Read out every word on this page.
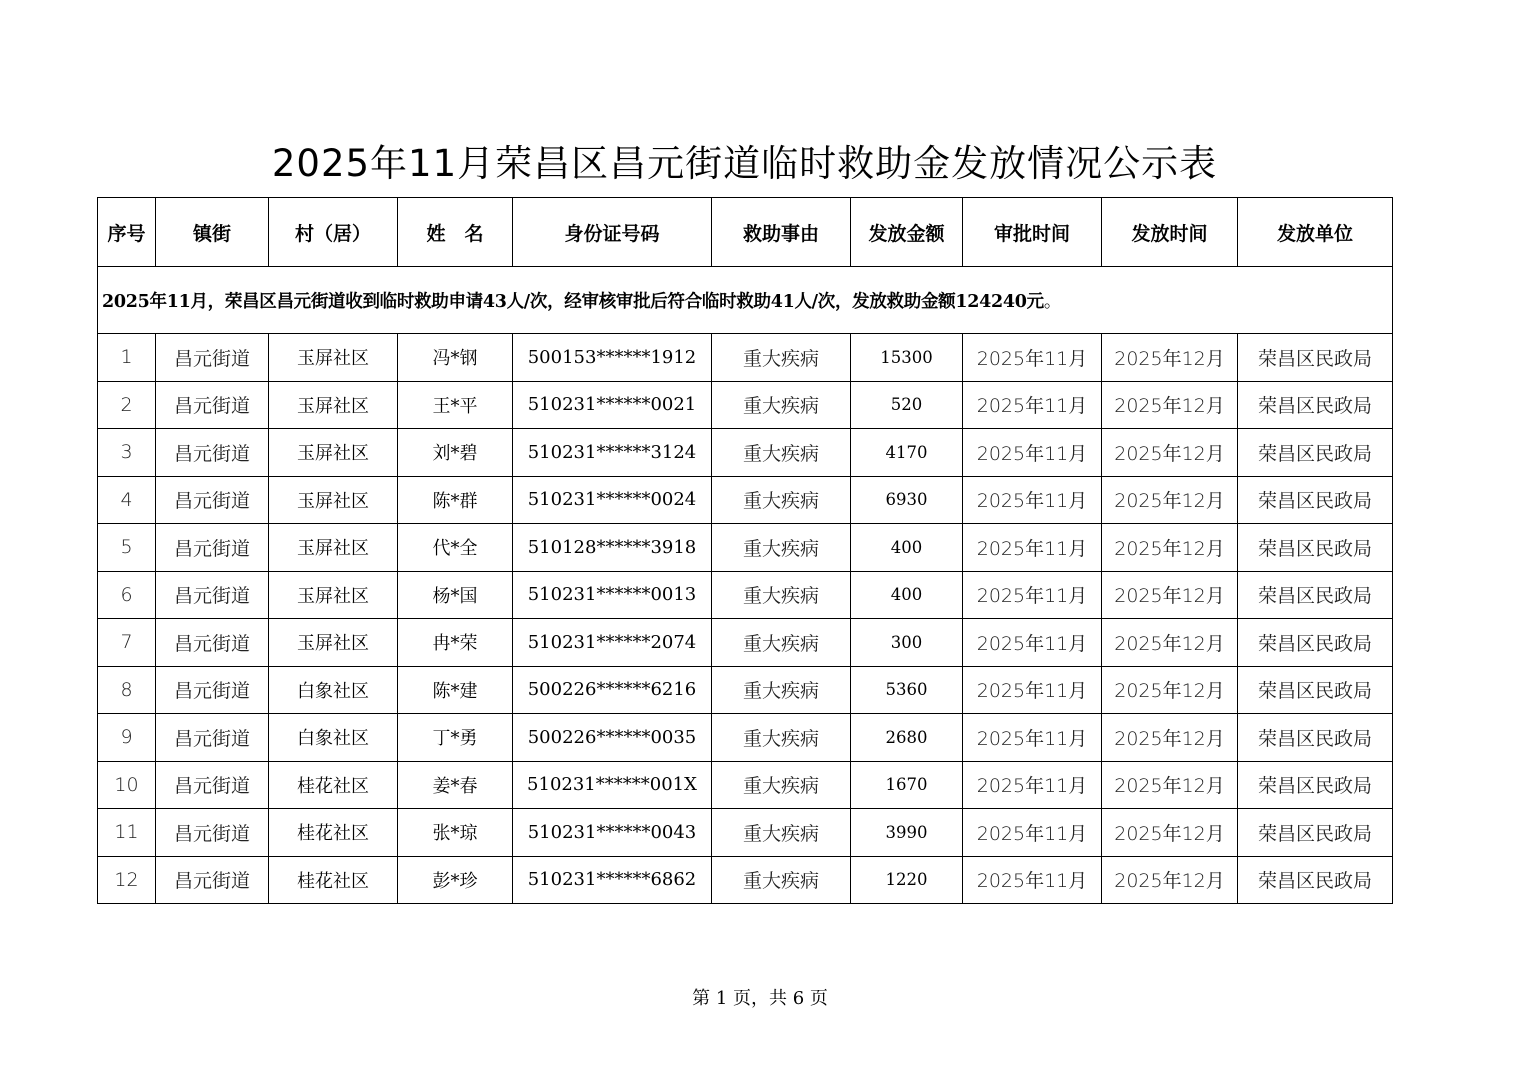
2025年11月荣昌区昌元街道临时救助金发放情况公示表
2025年11月，荣昌区昌元街道收到临时救助申请43人/次，经审核审批后符合临时救助41人/次，发放救助金额124240元。									
序号	镇街	村（居）	姓　名	身份证号码	救助事由	发放金额	审批时间	发放时间	发放单位
1	昌元街道	玉屏社区	冯*钢	500153******1912	重大疾病	15300	2025年11月	2025年12月	荣昌区民政局
2	昌元街道	玉屏社区	王*平	510231******0021	重大疾病	520	2025年11月	2025年12月	荣昌区民政局
3	昌元街道	玉屏社区	刘*碧	510231******3124	重大疾病	4170	2025年11月	2025年12月	荣昌区民政局
4	昌元街道	玉屏社区	陈*群	510231******0024	重大疾病	6930	2025年11月	2025年12月	荣昌区民政局
5	昌元街道	玉屏社区	代*全	510128******3918	重大疾病	400	2025年11月	2025年12月	荣昌区民政局
6	昌元街道	玉屏社区	杨*国	510231******0013	重大疾病	400	2025年11月	2025年12月	荣昌区民政局
7	昌元街道	玉屏社区	冉*荣	510231******2074	重大疾病	300	2025年11月	2025年12月	荣昌区民政局
8	昌元街道	白象社区	陈*建	500226******6216	重大疾病	5360	2025年11月	2025年12月	荣昌区民政局
9	昌元街道	白象社区	丁*勇	500226******0035	重大疾病	2680	2025年11月	2025年12月	荣昌区民政局
10	昌元街道	桂花社区	姜*春	510231******001X	重大疾病	1670	2025年11月	2025年12月	荣昌区民政局
11	昌元街道	桂花社区	张*琼	510231******0043	重大疾病	3990	2025年11月	2025年12月	荣昌区民政局
12	昌元街道	桂花社区	彭*珍	510231******6862	重大疾病	1220	2025年11月	2025年12月	荣昌区民政局
第 1 页，共 6 页
